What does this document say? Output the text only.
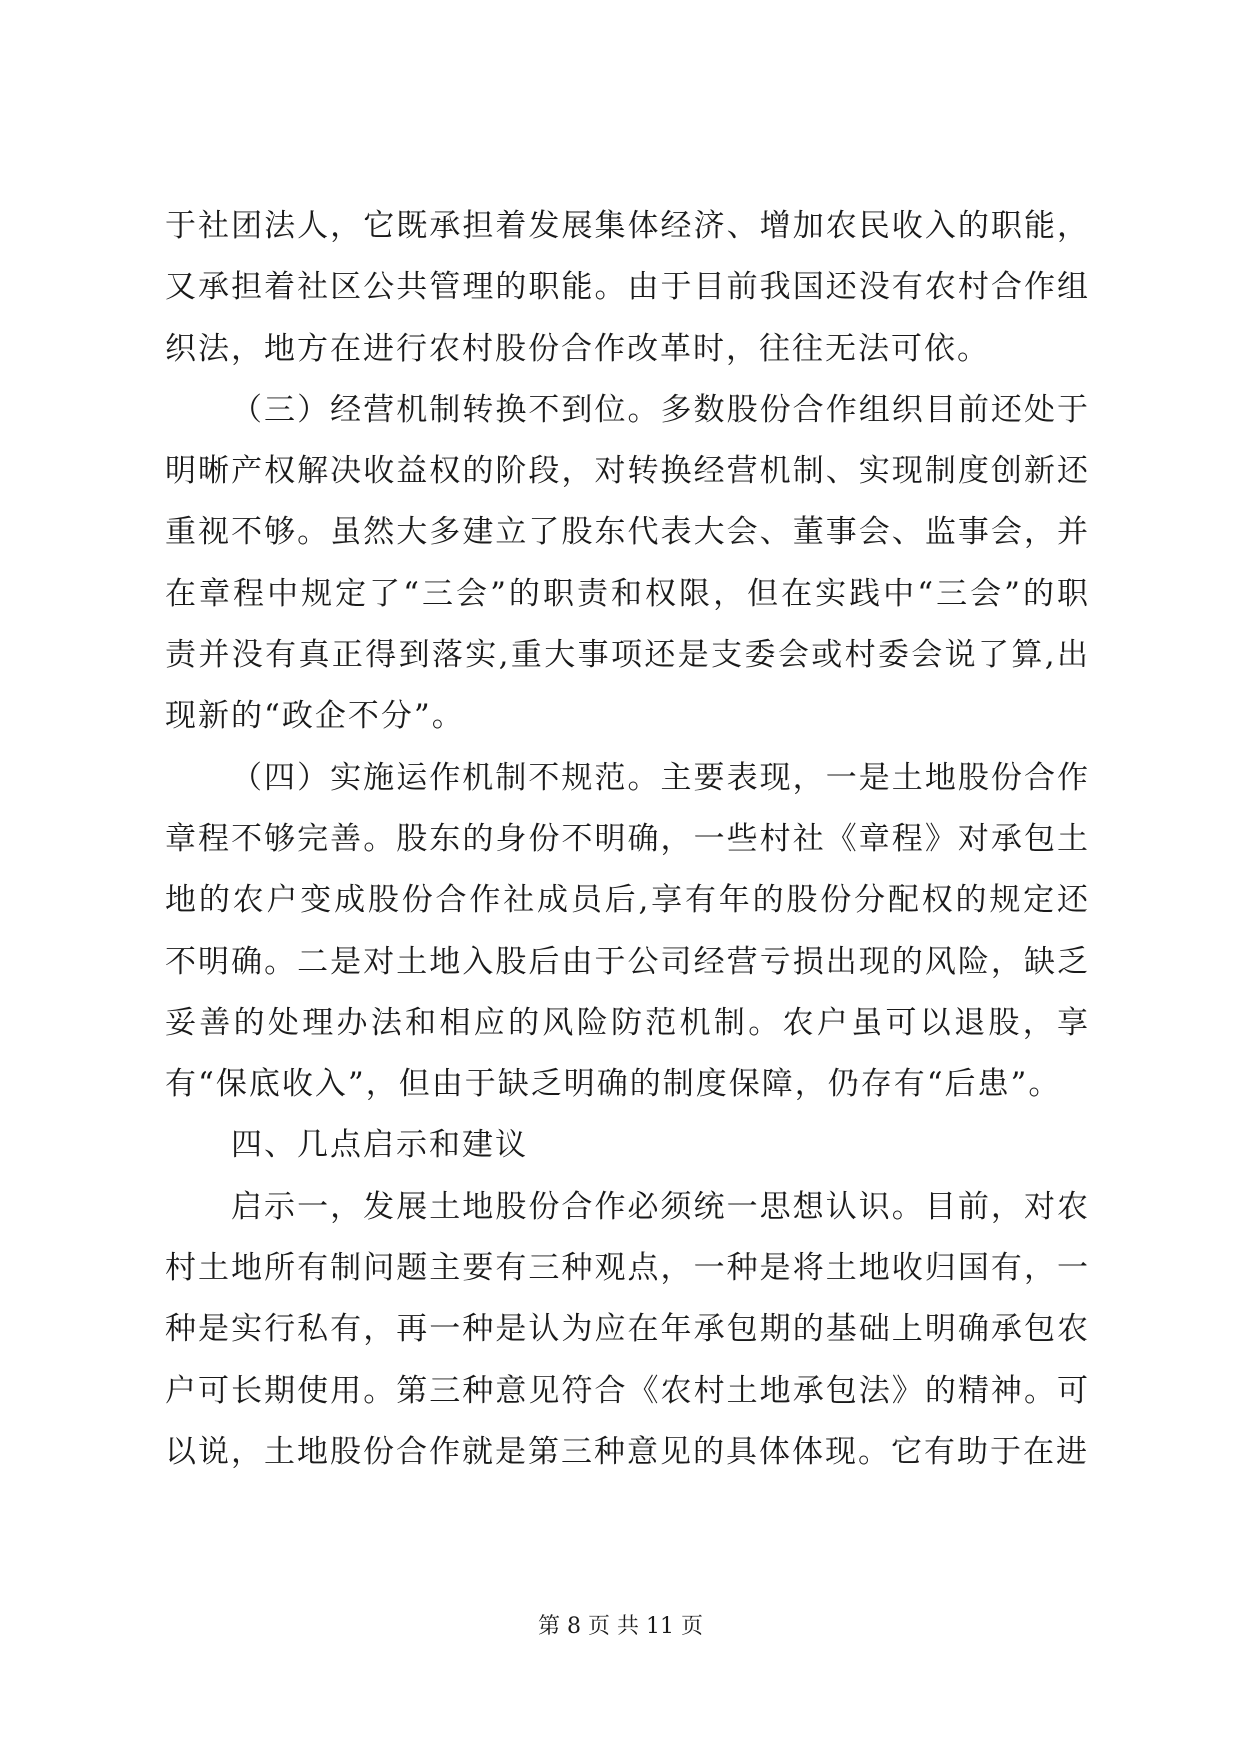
于社团法人，它既承担着发展集体经济、增加农民收入的职能，又承担着社区公共管理的职能。由于目前我国还没有农村合作组织法，地方在进行农村股份合作改革时，往往无法可依。

（三）经营机制转换不到位。多数股份合作组织目前还处于明晰产权解决收益权的阶段，对转换经营机制、实现制度创新还重视不够。虽然大多建立了股东代表大会、董事会、监事会，并在章程中规定了“三会”的职责和权限，但在实践中“三会”的职责并没有真正得到落实,重大事项还是支委会或村委会说了算,出现新的“政企不分”。

（四）实施运作机制不规范。主要表现，一是土地股份合作章程不够完善。股东的身份不明确，一些村社《章程》对承包土地的农户变成股份合作社成员后,享有年的股份分配权的规定还不明确。二是对土地入股后由于公司经营亏损出现的风险，缺乏妥善的处理办法和相应的风险防范机制。农户虽可以退股，享有“保底收入”，但由于缺乏明确的制度保障，仍存有“后患”。

四、几点启示和建议

启示一，发展土地股份合作必须统一思想认识。目前，对农村土地所有制问题主要有三种观点，一种是将土地收归国有，一种是实行私有，再一种是认为应在年承包期的基础上明确承包农户可长期使用。第三种意见符合《农村土地承包法》的精神。可以说，土地股份合作就是第三种意见的具体体现。它有助于在进

第 8 页 共 11 页
